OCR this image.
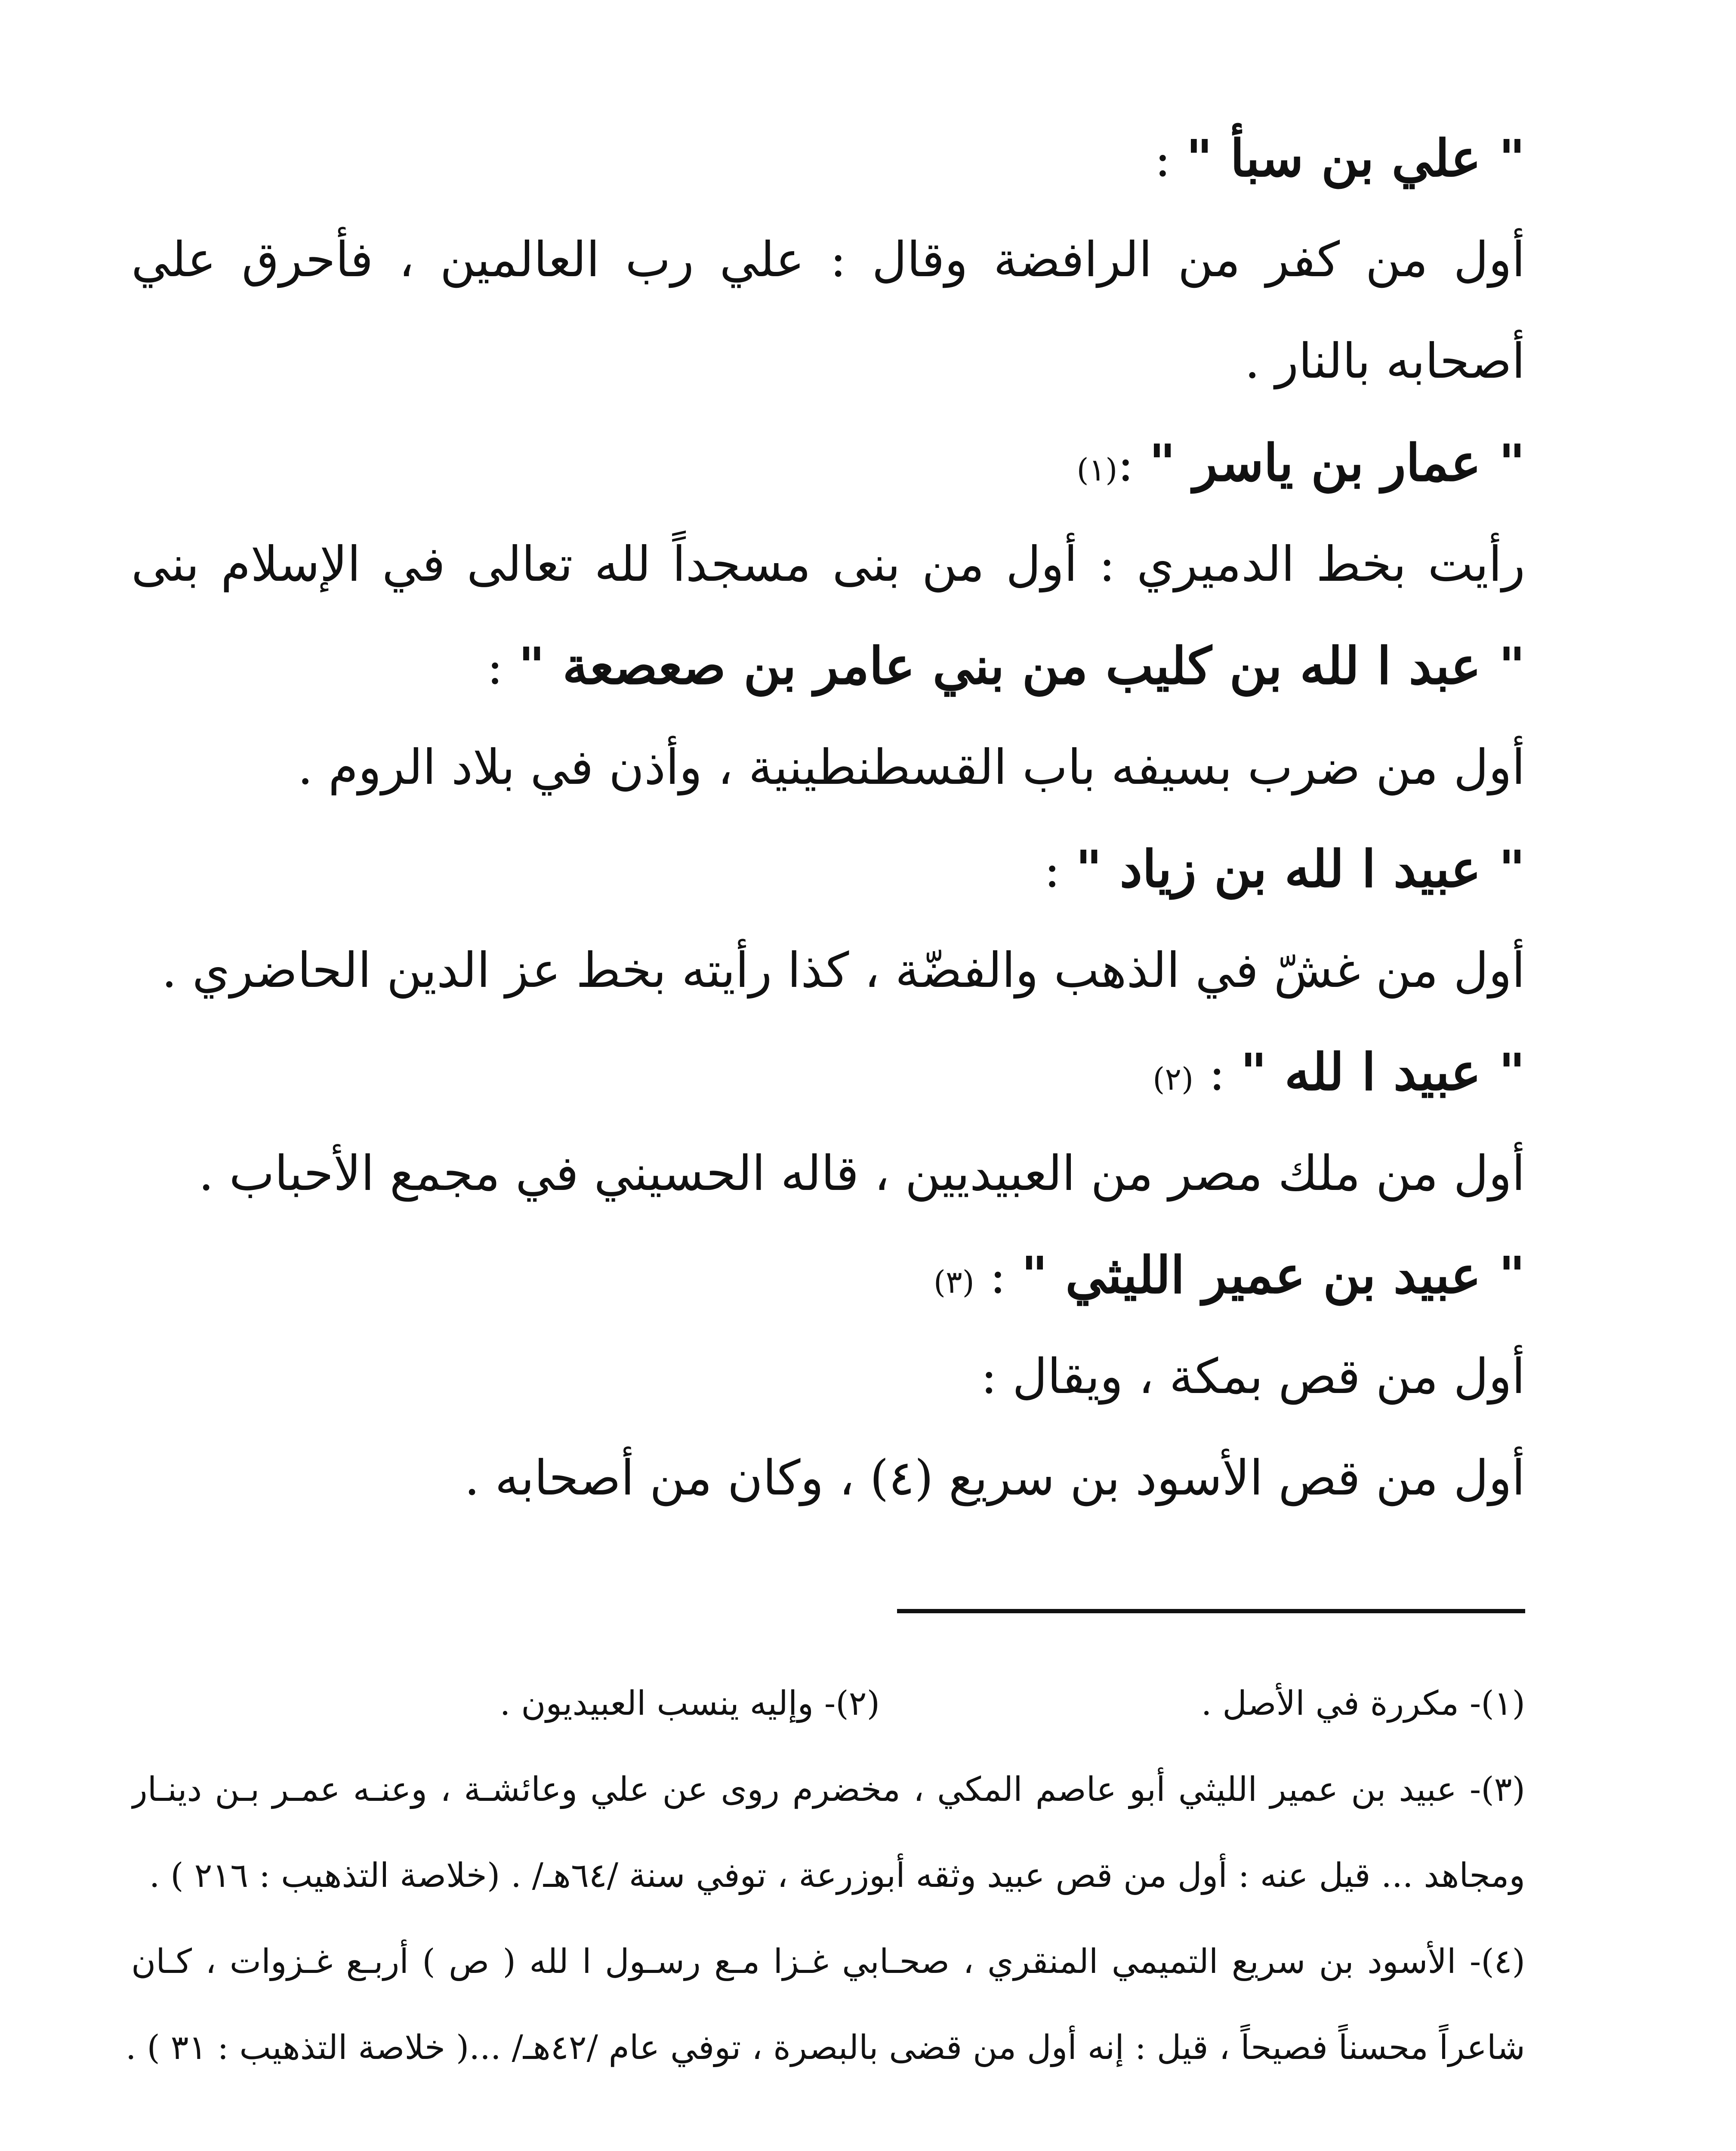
" علي بن سبأ " :
أول من كفر من الرافضة وقال : علي رب العالمين ، فأحرق علي
أصحابه بالنار .
" عمار بن ياسر " :(١)
رأيت بخط الدميري : أول من بنى مسجداً لله تعالى في الإسلام بنى
" عبد ا لله بن كليب من بني عامر بن صعصعة " :
أول من ضرب بسيفه باب القسطنطينية ، وأذن في بلاد الروم .
" عبيد ا لله بن زياد " :
أول من غشّ في الذهب والفضّة ، كذا رأيته بخط عز الدين الحاضري .
" عبيد ا لله " : (٢)
أول من ملك مصر من العبيديين ، قاله الحسيني في مجمع الأحباب .
" عبيد بن عمير الليثي " : (٣)
أول من قص بمكة ، ويقال :
أول من قص الأسود بن سريع (٤) ، وكان من أصحابه .
(١)- مكررة في الأصل .
(٢)- وإليه ينسب العبيديون .
(٣)- عبيد بن عمير الليثي أبو عاصم المكي ، مخضرم روى عن علي وعائشـة ، وعنـه عمـر بـن دينـار
ومجاهد ... قيل عنه : أول من قص عبيد وثقه أبوزرعة ، توفي سنة /٦٤هـ/ . (خلاصة التذهيب : ٢١٦ ) .
(٤)- الأسود بن سريع التميمي المنقري ، صحـابي غـزا مـع رسـول ا لله ( ص ) أربـع غـزوات ، كـان
شاعراً محسناً فصيحاً ، قيل : إنه أول من قضى بالبصرة ، توفي عام /٤٢هـ/ ...( خلاصة التذهيب : ٣١ ) .
